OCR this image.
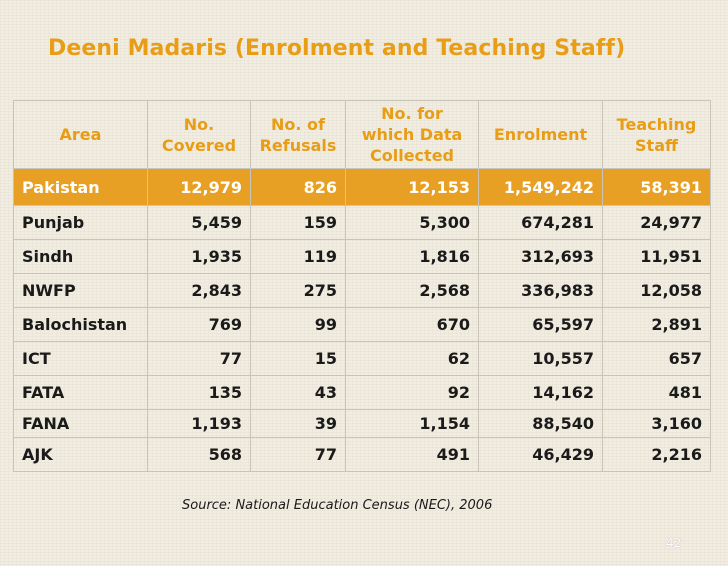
Deeni Madaris (Enrolment and Teaching Staff)
Area	No. Covered	No. of Refusals	No. for which Data Collected	Enrolment	Teaching Staff
Pakistan	12,979	826	12,153	1,549,242	58,391
Punjab	5,459	159	5,300	674,281	24,977
Sindh	1,935	119	1,816	312,693	11,951
NWFP	2,843	275	2,568	336,983	12,058
Balochistan	769	99	670	65,597	2,891
ICT	77	15	62	10,557	657
FATA	135	43	92	14,162	481
FANA	1,193	39	1,154	88,540	3,160
AJK	568	77	491	46,429	2,216
Source: National Education Census (NEC), 2006
42
